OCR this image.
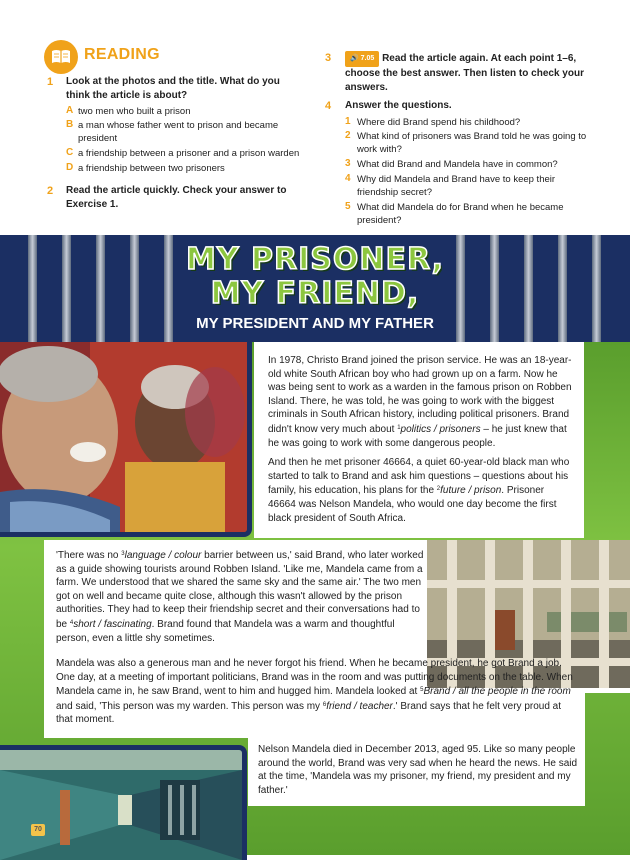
READING
1 Look at the photos and the title. What do you think the article is about?
A two men who built a prison
B a man whose father went to prison and became president
C a friendship between a prisoner and a prison warden
D a friendship between two prisoners
2 Read the article quickly. Check your answer to Exercise 1.
3	🔊 7.05 Read the article again. At each point 1–6, choose the best answer. Then listen to check your answers.
4 Answer the questions.
1 Where did Brand spend his childhood?
2 What kind of prisoners was Brand told he was going to work with?
3 What did Brand and Mandela have in common?
4 Why did Mandela and Brand have to keep their friendship secret?
5 What did Mandela do for Brand when he became president?
MY PRISONER,
MY FRIEND,
MY PRESIDENT AND MY FATHER

In 1978, Christo Brand joined the prison service. He was an 18-year-old white South African boy who had grown up on a farm. Now he was being sent to work as a warden in the famous prison on Robben Island. There, he was told, he was going to work with the biggest criminals in South African history, including political prisoners. Brand didn't know very much about $^1$politics / prisoners – he just knew that he was going to work with some dangerous people.

And then he met prisoner 46664, a quiet 60-year-old black man who started to talk to Brand and ask him questions – questions about his family, his education, his plans for the $^2$future / prison. Prisoner 46664 was Nelson Mandela, who would one day become the first black president of South Africa.

'There was no $^3$language / colour barrier between us,' said Brand, who later worked as a guide showing tourists around Robben Island. 'Like me, Mandela came from a farm. We understood that we shared the same sky and the same air.' The two men got on well and became quite close, although this wasn't allowed by the prison authorities. They had to keep their friendship secret and their conversations had to be $^4$short / fascinating. Brand found that Mandela was a warm and thoughtful person, even a little shy sometimes.

Mandela was also a generous man and he never forgot his friend. When he became president, he got Brand a job. One day, at a meeting of important politicians, Brand was in the room and was putting documents on the table. When Mandela came in, he saw Brand, went to him and hugged him. Mandela looked at $^5$Brand / all the people in the room and said, 'This person was my warden. This person was my $^6$friend / teacher.' Brand says that he felt very proud at that moment.

Nelson Mandela died in December 2013, aged 95. Like so many people around the world, Brand was very sad when he heard the news. He said at the time, 'Mandela was my prisoner, my friend, my president and my father.'

70
